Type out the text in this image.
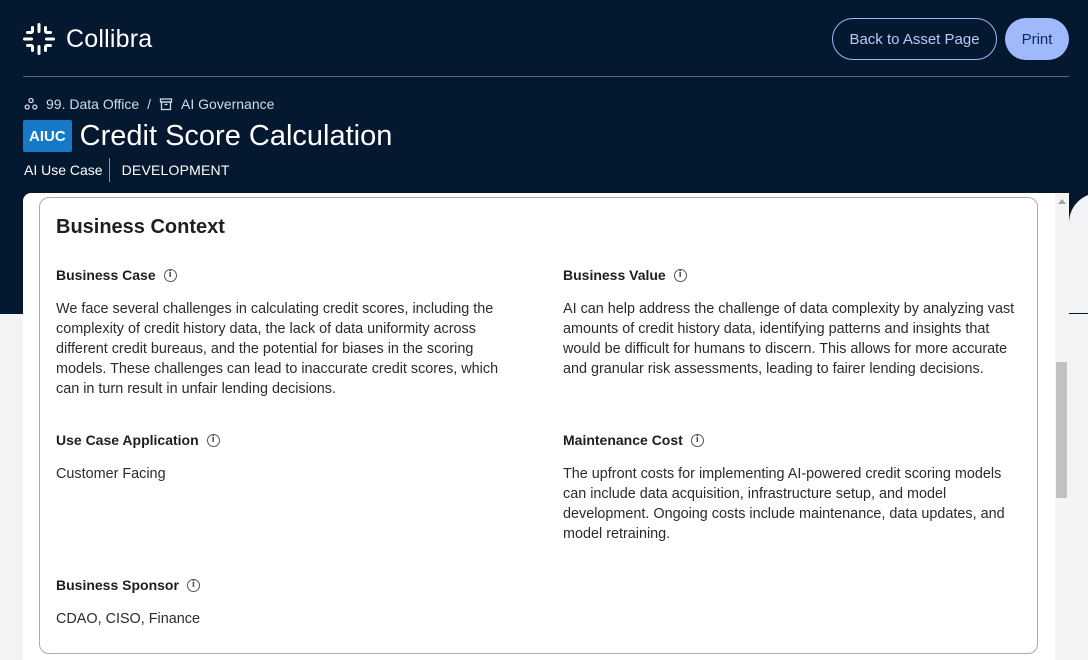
Collibra	Back to Asset Page	Print
99. Data Office / AI Governance
AIUC Credit Score Calculation
AI Use Case	DEVELOPMENT
Business Context
Business Case	i
We face several challenges in calculating credit scores, including the complexity of credit history data, the lack of data uniformity across different credit bureaus, and the potential for biases in the scoring models. These challenges can lead to inaccurate credit scores, which can in turn result in unfair lending decisions.
Business Value	i
AI can help address the challenge of data complexity by analyzing vast amounts of credit history data, identifying patterns and insights that would be difficult for humans to discern. This allows for more accurate and granular risk assessments, leading to fairer lending decisions.
Use Case Application	i
Customer Facing
Maintenance Cost	i
The upfront costs for implementing AI-powered credit scoring models can include data acquisition, infrastructure setup, and model development. Ongoing costs include maintenance, data updates, and model retraining.
Business Sponsor	i
CDAO, CISO, Finance
